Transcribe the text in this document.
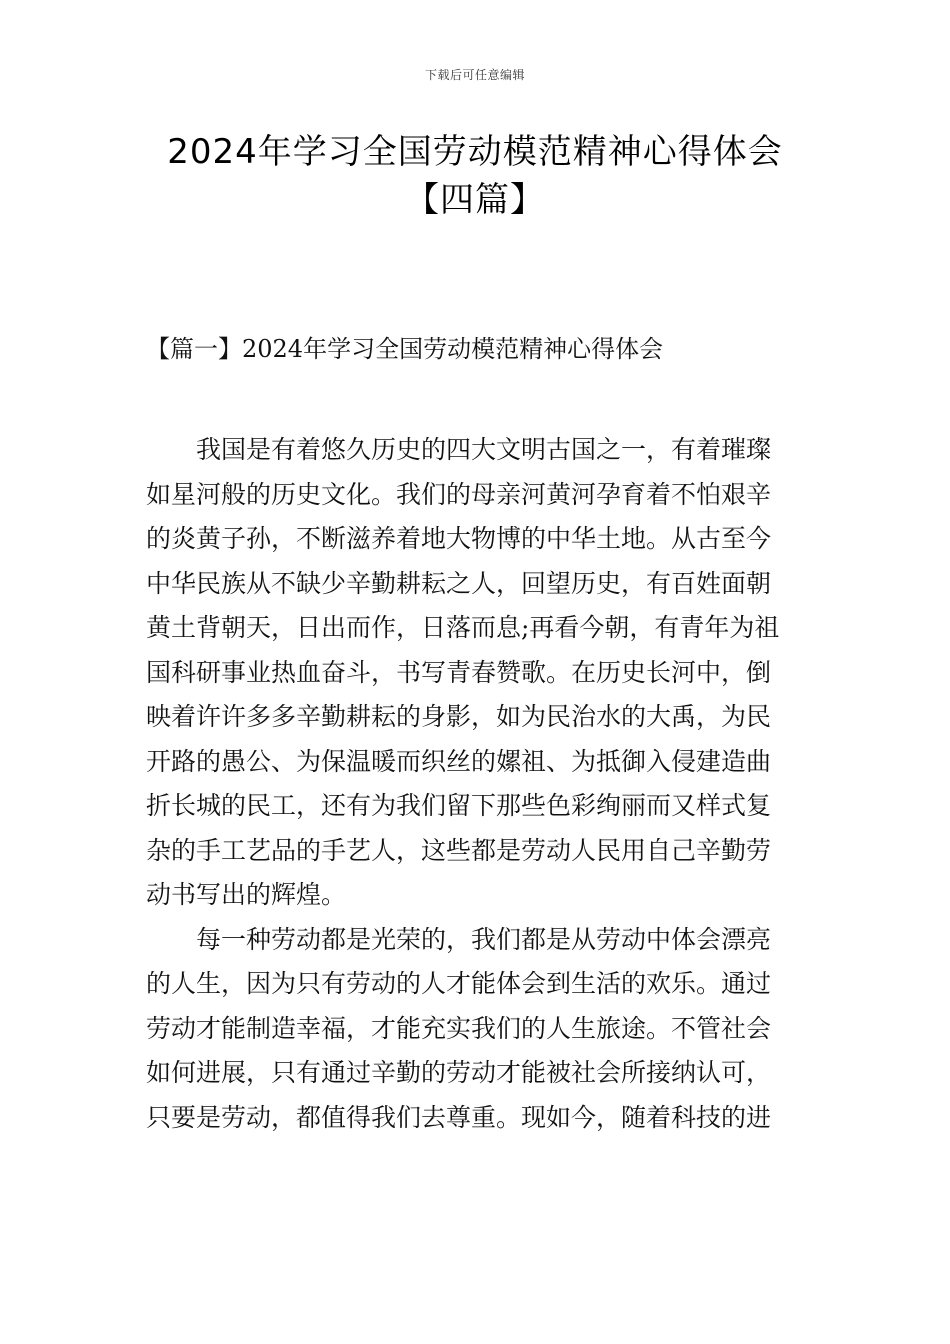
下载后可任意编辑
2024年学习全国劳动模范精神心得体会
【四篇】
【篇一】2024年学习全国劳动模范精神心得体会
我国是有着悠久历史的四大文明古国之一，有着璀璨
如星河般的历史文化。我们的母亲河黄河孕育着不怕艰辛
的炎黄子孙，不断滋养着地大物博的中华土地。从古至今
中华民族从不缺少辛勤耕耘之人，回望历史，有百姓面朝
黄土背朝天，日出而作，日落而息;再看今朝，有青年为祖
国科研事业热血奋斗，书写青春赞歌。在历史长河中，倒
映着许许多多辛勤耕耘的身影，如为民治水的大禹，为民
开路的愚公、为保温暖而织丝的嫘祖、为抵御入侵建造曲
折长城的民工，还有为我们留下那些色彩绚丽而又样式复
杂的手工艺品的手艺人，这些都是劳动人民用自己辛勤劳
动书写出的辉煌。
每一种劳动都是光荣的，我们都是从劳动中体会漂亮
的人生，因为只有劳动的人才能体会到生活的欢乐。通过
劳动才能制造幸福，才能充实我们的人生旅途。不管社会
如何进展，只有通过辛勤的劳动才能被社会所接纳认可，
只要是劳动，都值得我们去尊重。现如今，随着科技的进
